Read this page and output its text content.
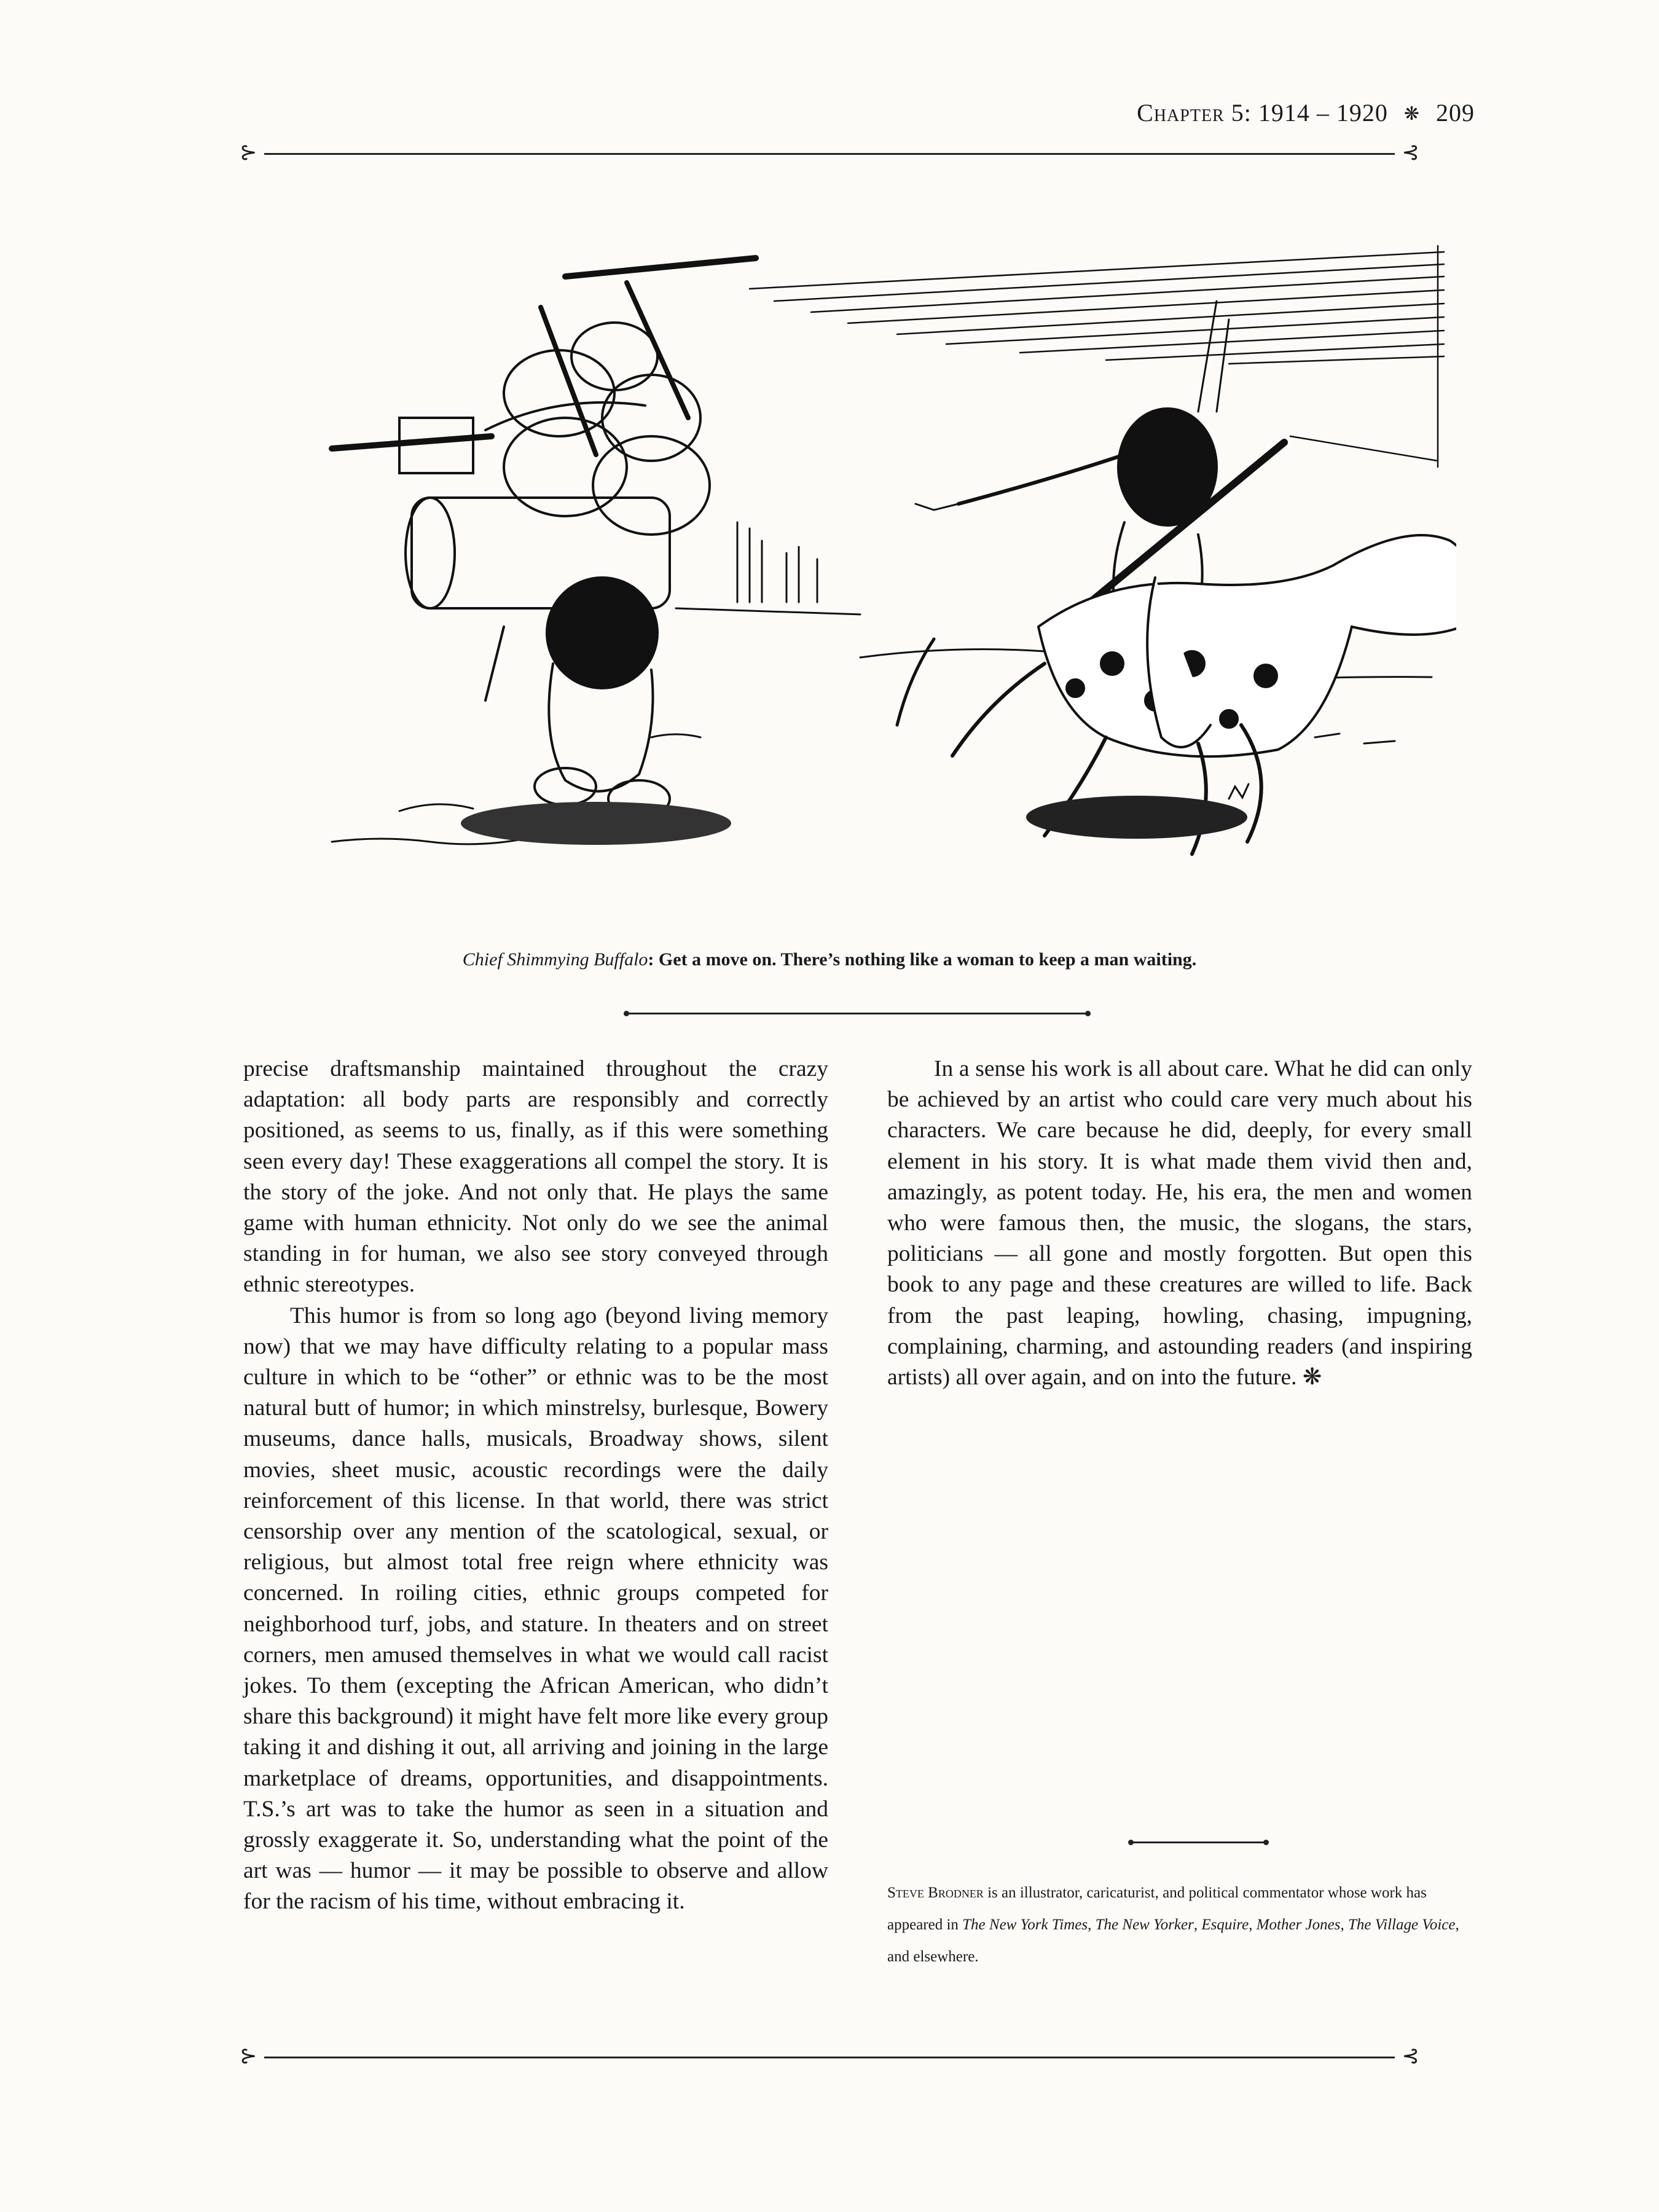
Chapter 5: 1914 – 1920 ❋ 209
⊱	⊰
Chief Shimmying Buffalo: Get a move on. There’s nothing like a woman to keep a man waiting.

precise draftsmanship maintained throughout the crazy adaptation: all body parts are responsibly and correctly positioned, as seems to us, finally, as if this were something seen every day! These exaggerations all compel the story. It is the story of the joke. And not only that. He plays the same game with human ethnicity. Not only do we see the animal standing in for human, we also see story conveyed through ethnic stereotypes.

This humor is from so long ago (beyond living memory now) that we may have difficulty relating to a popular mass culture in which to be “other” or ethnic was to be the most natural butt of humor; in which minstrelsy, burlesque, Bowery museums, dance halls, musicals, Broadway shows, silent movies, sheet music, acoustic recordings were the daily reinforcement of this license. In that world, there was strict censorship over any mention of the scatological, sexual, or religious, but almost total free reign where ethnicity was concerned. In roiling cities, ethnic groups competed for neighborhood turf, jobs, and stature. In theaters and on street corners, men amused themselves in what we would call racist jokes. To them (excepting the African American, who didn’t share this background) it might have felt more like every group taking it and dishing it out, all arriving and joining in the large marketplace of dreams, opportunities, and disappointments. T.S.’s art was to take the humor as seen in a situation and grossly exaggerate it. So, understanding what the point of the art was — humor — it may be possible to observe and allow for the racism of his time, without embracing it.

In a sense his work is all about care. What he did can only be achieved by an artist who could care very much about his characters. We care because he did, deeply, for every small element in his story. It is what made them vivid then and, amazingly, as potent today. He, his era, the men and women who were famous then, the music, the slogans, the stars, politicians — all gone and mostly forgotten. But open this book to any page and these creatures are willed to life. Back from the past leaping, howling, chasing, impugning, complaining, charming, and astounding readers (and inspiring artists) all over again, and on into the future. ❋

Steve Brodner is an illustrator, caricaturist, and political commentator whose work has appeared in The New York Times, The New Yorker, Esquire, Mother Jones, The Village Voice, and elsewhere.
⊱	⊰
